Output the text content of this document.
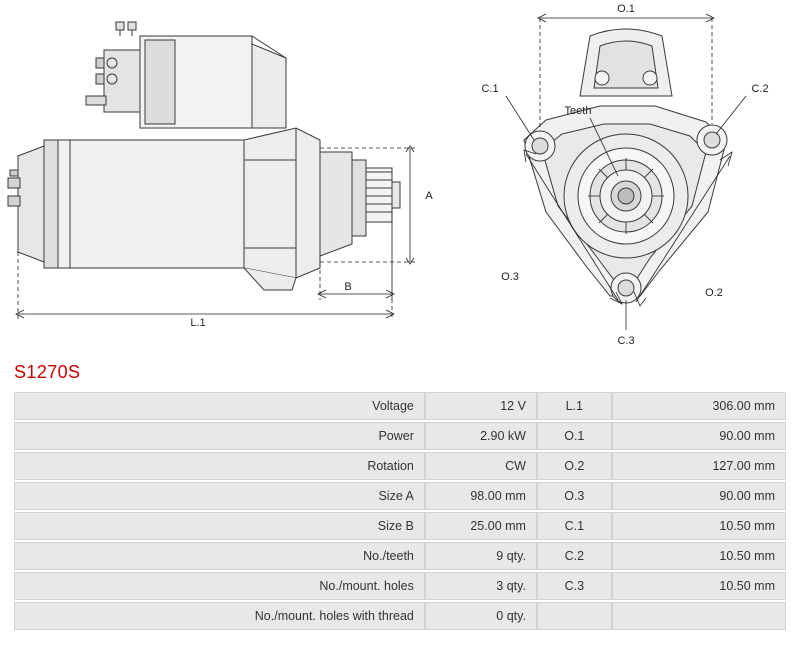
A
B
L.1
O.1
C.1	C.2
C.3
Teeth
O.2
O.3
S1270S
Voltage	12 V	L.1	306.00 mm
Power	2.90 kW	O.1	90.00 mm
Rotation	CW	O.2	127.00 mm
Size A	98.00 mm	O.3	90.00 mm
Size B	25.00 mm	C.1	10.50 mm
No./teeth	9 qty.	C.2	10.50 mm
No./mount. holes	3 qty.	C.3	10.50 mm
No./mount. holes with thread	0 qty.		
